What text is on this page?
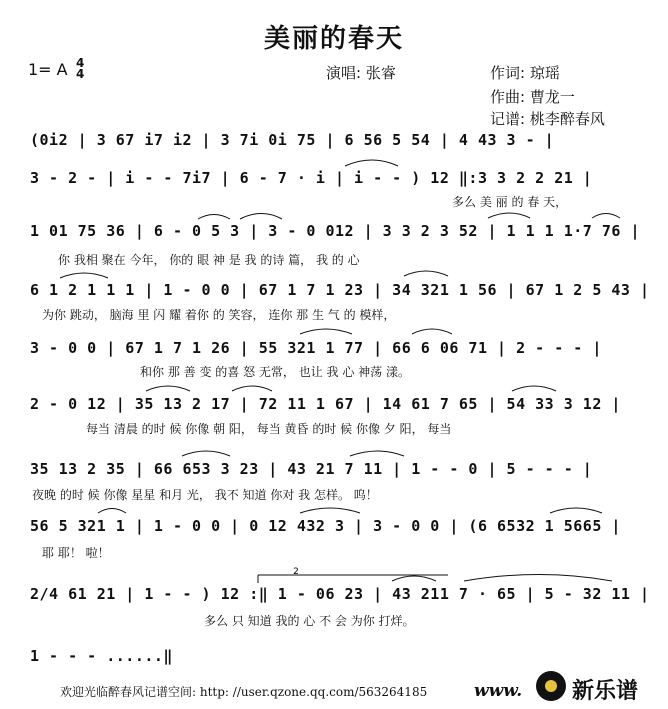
美丽的春天
1= A 4
4	演唱: 张睿	作词: 琼瑶
作曲: 曹龙一
记谱: 桃李醉春风
(0i2 | 3 67 i7 i2 | 3 7i 0i 75 | 6 56 5 54 | 4 43 3 - |
3 - 2 - | i - - 7i7 | 6 - 7 · i | i - - ) 12 ‖:3 3 2 2 21 |
多么 美 丽 的 春 天，
1 01 75 36 | 6 - 0 5 3 | 3 - 0 012 | 3 3 2 3 52 | 1 1 1 1·7 76 |
你 我相 聚在 今年， 你的 眼 神 是 我 的诗 篇， 我 的 心
6 1 2 1 1 1 | 1 - 0 0 | 67 1 7 1 23 | 34 321 1 56 | 67 1 2 5 43 |
为你 跳动， 脑海 里 闪 耀 着你 的 笑容， 连你 那 生 气 的 模样，
3 - 0 0 | 67 1 7 1 26 | 55 321 1 77 | 66 6 06 71 | 2 - - - |
和你 那 善 变 的喜 怒 无常， 也让 我 心 神荡 漾。
2 - 0 12 | 35 13 2 17 | 72 11 1 67 | 14 61 7 65 | 54 33 3 12 |
每当 清晨 的时 候 你像 朝 阳， 每当 黄昏 的时 候 你像 夕 阳， 每当
35 13 2 35 | 66 653 3 23 | 43 21 7 11 | 1 - - 0 | 5 - - - |
夜晚 的时 候 你像 星星 和月 光， 我不 知道 你对 我 怎样。 呜！
56 5 321 1 | 1 - 0 0 | 0 12 432 3 | 3 - 0 0 | (6 6532 1 5665 |
耶 耶！ 啦！
2/4 61 21 | 1 - - ) 12 :‖ 1 - 06 23 | 43 211 7 · 65 | 5 - 32 11 |
多么 只 知道 我的 心 不 会 为你 打烊。
1 - - - ......‖
欢迎光临醉春风记谱空间: http: //user.qzone.qq.com/563264185	www. 新乐谱
2
